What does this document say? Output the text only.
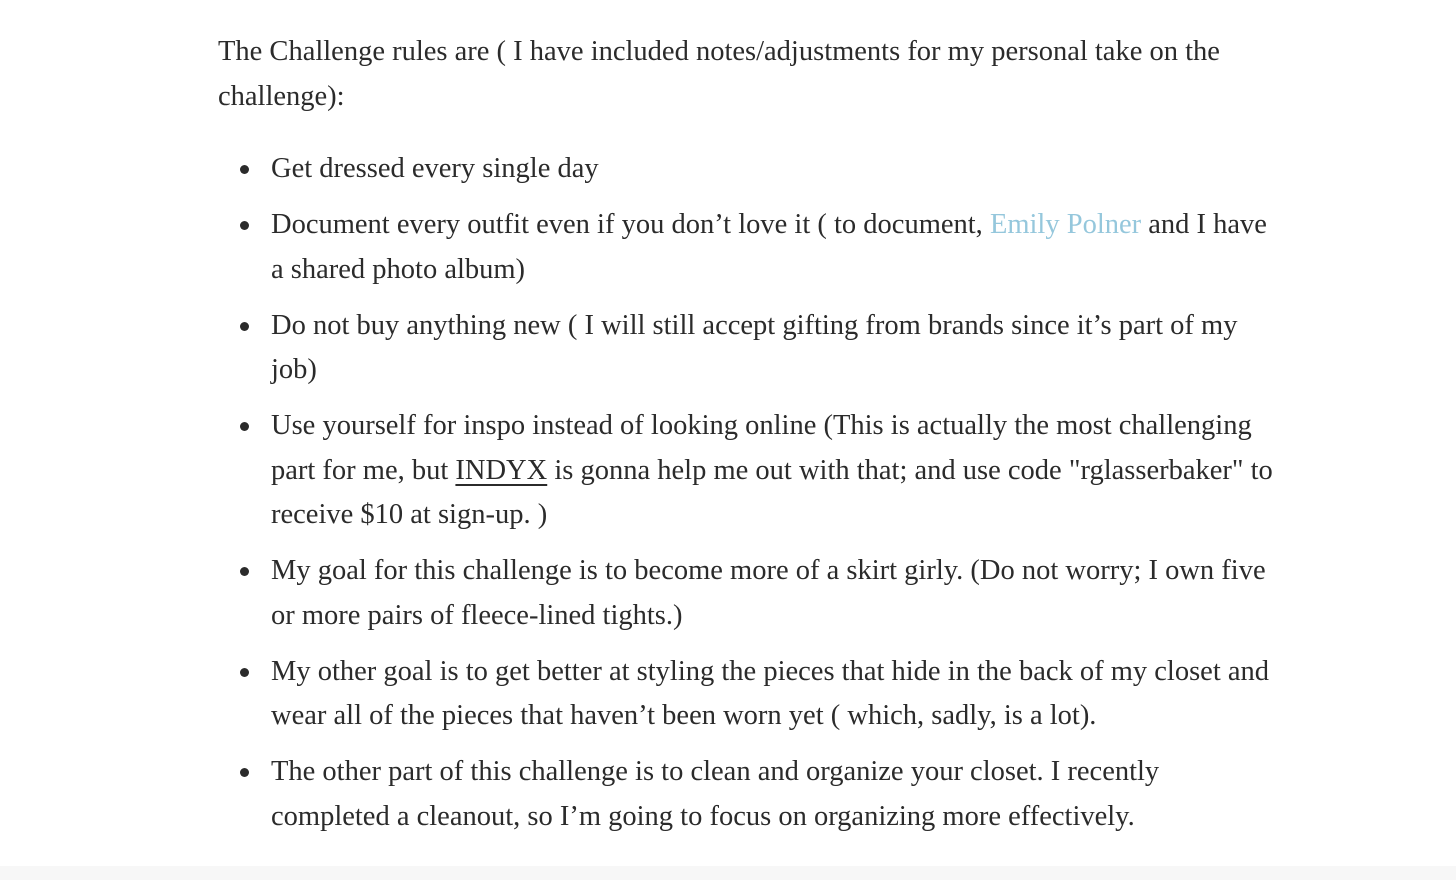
The Challenge rules are ( I have included notes/adjustments for my personal take on the challenge):

Get dressed every single day
Document every outfit even if you don’t love it ( to document, Emily Polner and I have a shared photo album)
Do not buy anything new ( I will still accept gifting from brands since it’s part of my job)
Use yourself for inspo instead of looking online (This is actually the most challenging part for me, but INDYX is gonna help me out with that; and use code "rglasserbaker" to receive $10 at sign-up. )
My goal for this challenge is to become more of a skirt girly. (Do not worry; I own five or more pairs of fleece-lined tights.)
My other goal is to get better at styling the pieces that hide in the back of my closet and wear all of the pieces that haven’t been worn yet ( which, sadly, is a lot).
The other part of this challenge is to clean and organize your closet. I recently completed a cleanout, so I’m going to focus on organizing more effectively.
